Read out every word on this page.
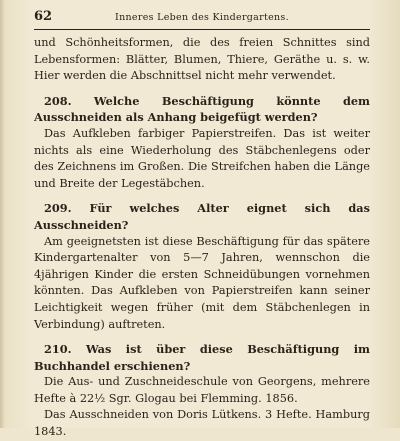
62	Inneres Leben des Kindergartens.

und Schönheitsformen, die des freien Schnittes sind Lebensformen: Blätter, Blumen, Thiere, Geräthe u. s. w. Hier werden die Abschnittsel nicht mehr verwendet.

208. Welche Beschäftigung könnte dem Ausschneiden als Anhang beigefügt werden?

Das Aufkleben farbiger Papierstreifen. Das ist weiter nichts als eine Wiederholung des Stäbchenlegens oder des Zeichnens im Großen. Die Streifchen haben die Länge und Breite der Legestäbchen.

209. Für welches Alter eignet sich das Ausschneiden?

Am geeignetsten ist diese Beschäftigung für das spätere Kindergartenalter von 5—7 Jahren, wennschon die 4jährigen Kinder die ersten Schneidübungen vornehmen könnten. Das Aufkleben von Papierstreifen kann seiner Leichtigkeit wegen früher (mit dem Stäbchenlegen in Verbindung) auftreten.

210. Was ist über diese Beschäftigung im Buchhandel erschienen?

Die Aus- und Zuschneideschule von Georgens, mehrere Hefte à 22½ Sgr. Glogau bei Flemming. 1856.

Das Ausschneiden von Doris Lütkens. 3 Hefte. Hamburg 1843.
